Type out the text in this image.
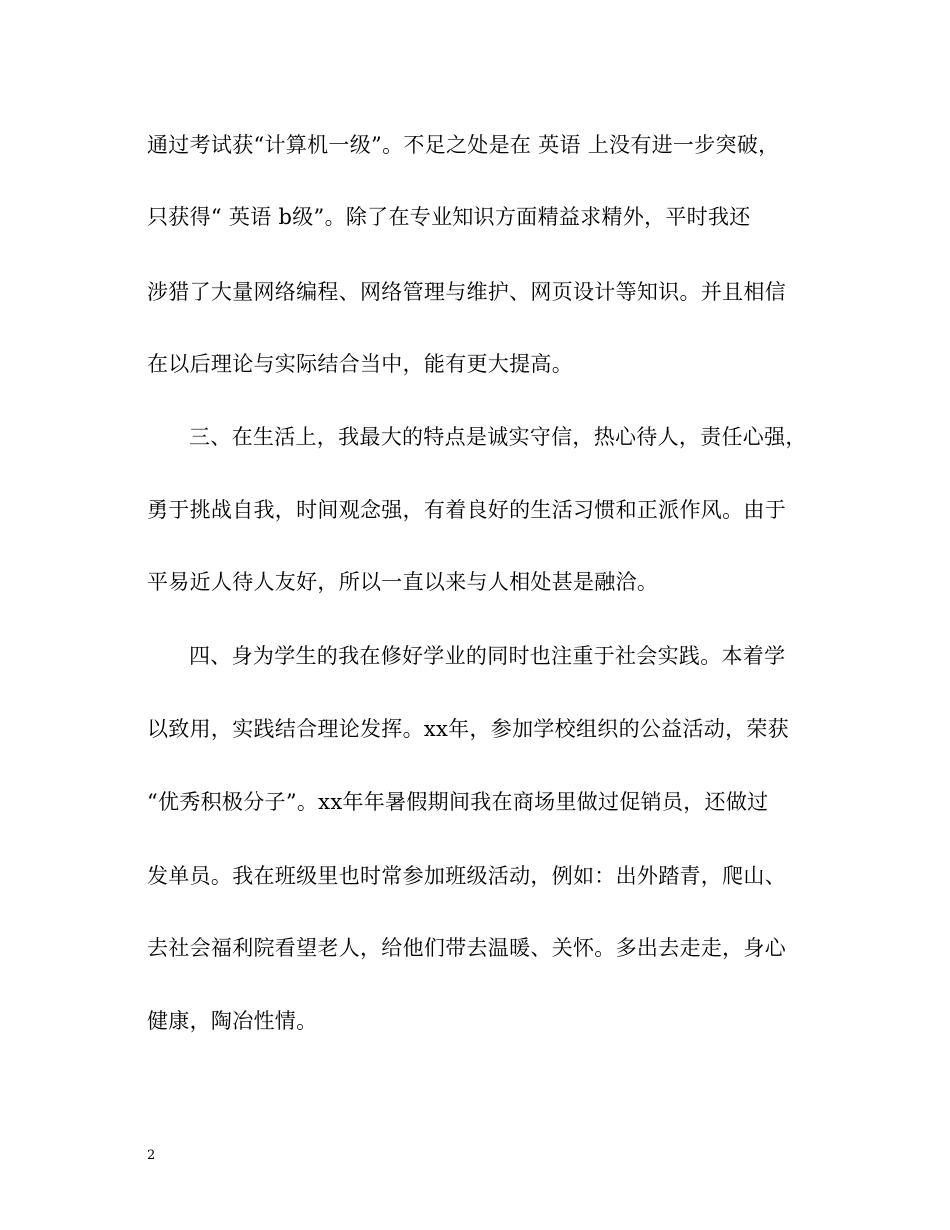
通过考试获“计算机一级”。不足之处是在 英语 上没有进一步突破，
只获得“ 英语 b级”。除了在专业知识方面精益求精外，平时我还
涉猎了大量网络编程、网络管理与维护、网页设计等知识。并且相信
在以后理论与实际结合当中，能有更大提高。
三、在生活上，我最大的特点是诚实守信，热心待人，责任心强，
勇于挑战自我，时间观念强，有着良好的生活习惯和正派作风。由于
平易近人待人友好，所以一直以来与人相处甚是融洽。
四、身为学生的我在修好学业的同时也注重于社会实践。本着学
以致用，实践结合理论发挥。xx年，参加学校组织的公益活动，荣获
“优秀积极分子”。xx年年暑假期间我在商场里做过促销员，还做过
发单员。我在班级里也时常参加班级活动，例如：出外踏青，爬山、
去社会福利院看望老人，给他们带去温暖、关怀。多出去走走，身心
健康，陶冶性情。
2
